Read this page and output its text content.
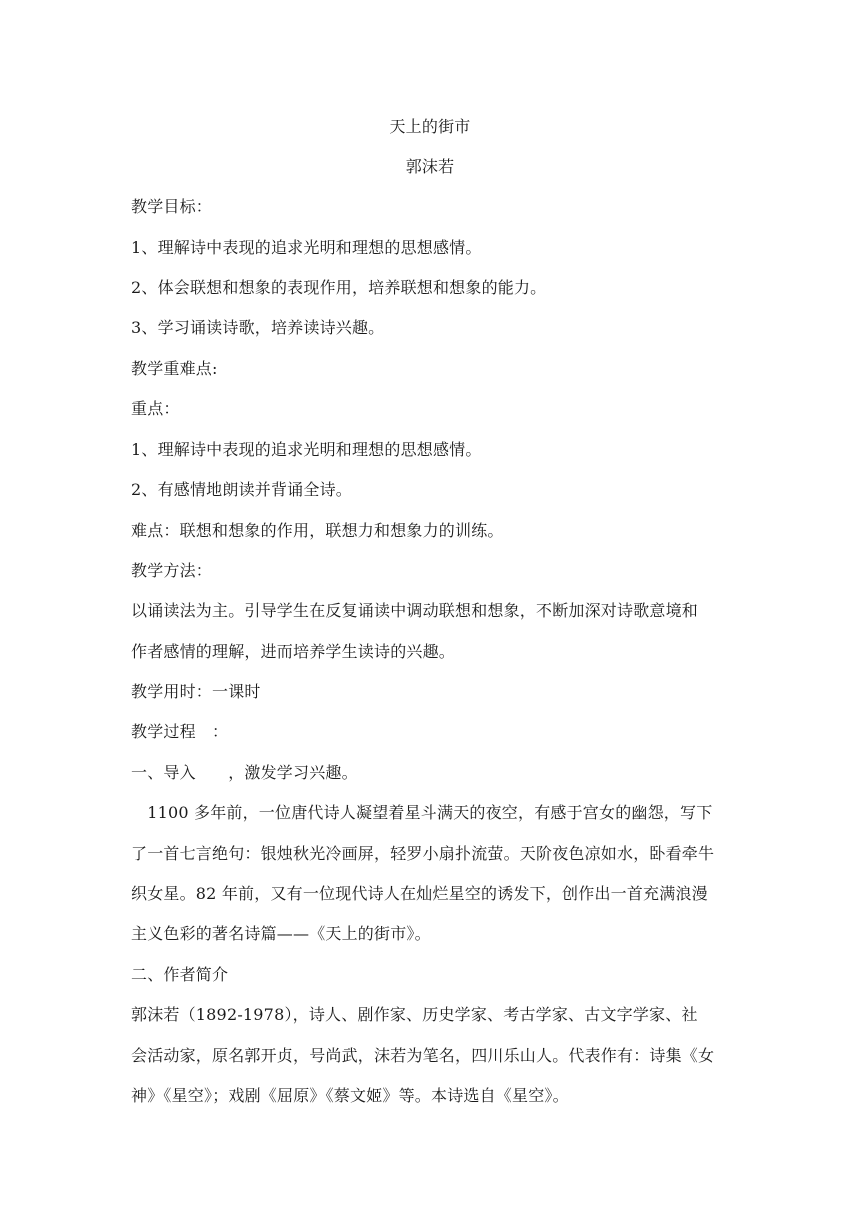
天上的街市
郭沫若
教学目标：
1、理解诗中表现的追求光明和理想的思想感情。
2、体会联想和想象的表现作用，培养联想和想象的能力。
3、学习诵读诗歌，培养读诗兴趣。
教学重难点:
重点：
1、理解诗中表现的追求光明和理想的思想感情。
2、有感情地朗读并背诵全诗。
难点：联想和想象的作用，联想力和想象力的训练。
教学方法：
以诵读法为主。引导学生在反复诵读中调动联想和想象，不断加深对诗歌意境和
作者感情的理解，进而培养学生读诗的兴趣。
教学用时：一课时
教学过程　：
一、导入　　，激发学习兴趣。
　1100 多年前，一位唐代诗人凝望着星斗满天的夜空，有感于宫女的幽怨，写下
了一首七言绝句：银烛秋光冷画屏，轻罗小扇扑流萤。天阶夜色凉如水，卧看牵牛
织女星。82 年前，又有一位现代诗人在灿烂星空的诱发下，创作出一首充满浪漫
主义色彩的著名诗篇——《天上的街市》。
二、作者简介
郭沫若（1892-1978），诗人、剧作家、历史学家、考古学家、古文字学家、社
会活动家，原名郭开贞，号尚武，沫若为笔名，四川乐山人。代表作有：诗集《女
神》《星空》；戏剧《屈原》《蔡文姬》等。本诗选自《星空》。
